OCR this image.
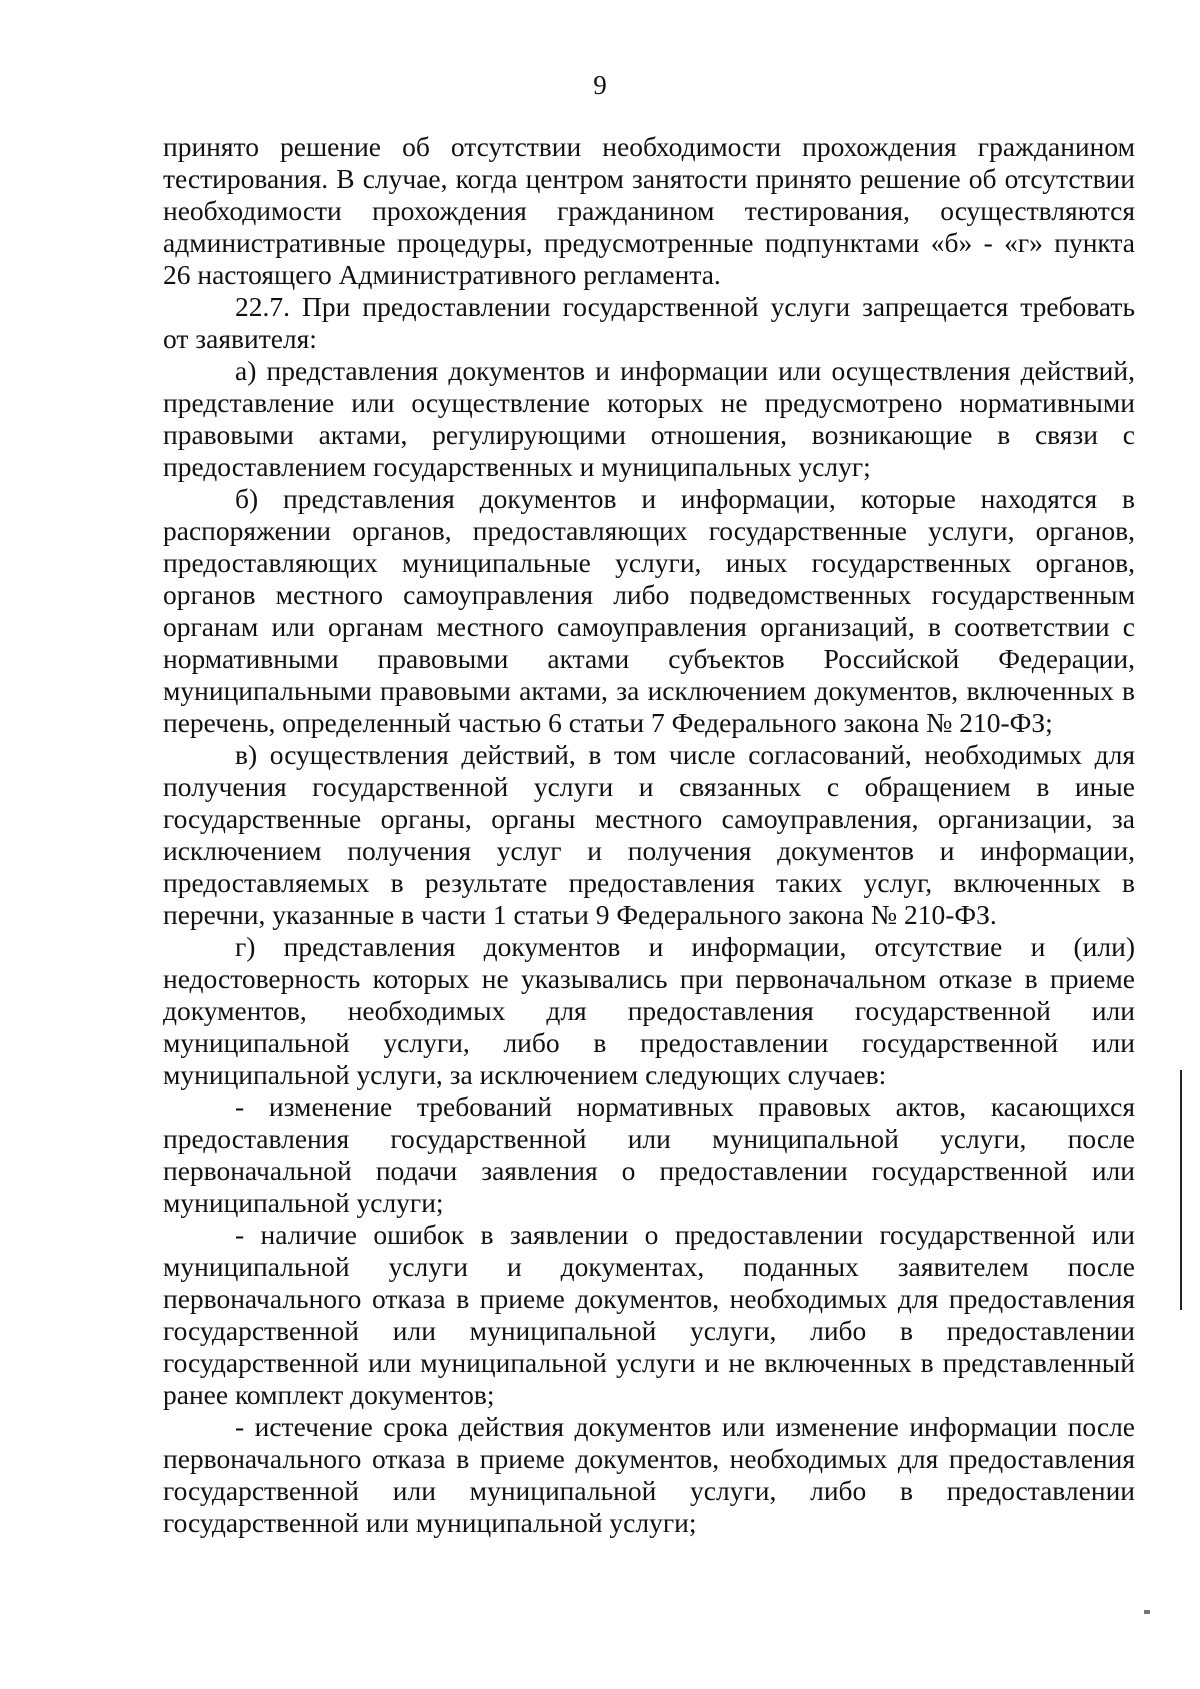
9

принято решение об отсутствии необходимости прохождения гражданином тестирования. В случае, когда центром занятости принято решение об отсутствии необходимости прохождения гражданином тестирования, осуществляются административные процедуры, предусмотренные подпунктами «б» - «г» пункта 26 настоящего Административного регламента.

22.7. При предоставлении государственной услуги запрещается требовать от заявителя:

а) представления документов и информации или осуществления действий, представление или осуществление которых не предусмотрено нормативными правовыми актами, регулирующими отношения, возникающие в связи с предоставлением государственных и муниципальных услуг;

б) представления документов и информации, которые находятся в распоряжении органов, предоставляющих государственные услуги, органов, предоставляющих муниципальные услуги, иных государственных органов, органов местного самоуправления либо подведомственных государственным органам или органам местного самоуправления организаций, в соответствии с нормативными правовыми актами субъектов Российской Федерации, муниципальными правовыми актами, за исключением документов, включенных в перечень, определенный частью 6 статьи 7 Федерального закона № 210-ФЗ;

в) осуществления действий, в том числе согласований, необходимых для получения государственной услуги и связанных с обращением в иные государственные органы, органы местного самоуправления, организации, за исключением получения услуг и получения документов и информации, предоставляемых в результате предоставления таких услуг, включенных в перечни, указанные в части 1 статьи 9 Федерального закона № 210-ФЗ.

г) представления документов и информации, отсутствие и (или) недостоверность которых не указывались при первоначальном отказе в приеме документов, необходимых для предоставления государственной или муниципальной услуги, либо в предоставлении государственной или муниципальной услуги, за исключением следующих случаев:

- изменение требований нормативных правовых актов, касающихся предоставления государственной или муниципальной услуги, после первоначальной подачи заявления о предоставлении государственной или муниципальной услуги;

- наличие ошибок в заявлении о предоставлении государственной или муниципальной услуги и документах, поданных заявителем после первоначального отказа в приеме документов, необходимых для предоставления государственной или муниципальной услуги, либо в предоставлении государственной или муниципальной услуги и не включенных в представленный ранее комплект документов;

- истечение срока действия документов или изменение информации после первоначального отказа в приеме документов, необходимых для предоставления государственной или муниципальной услуги, либо в предоставлении государственной или муниципальной услуги;
